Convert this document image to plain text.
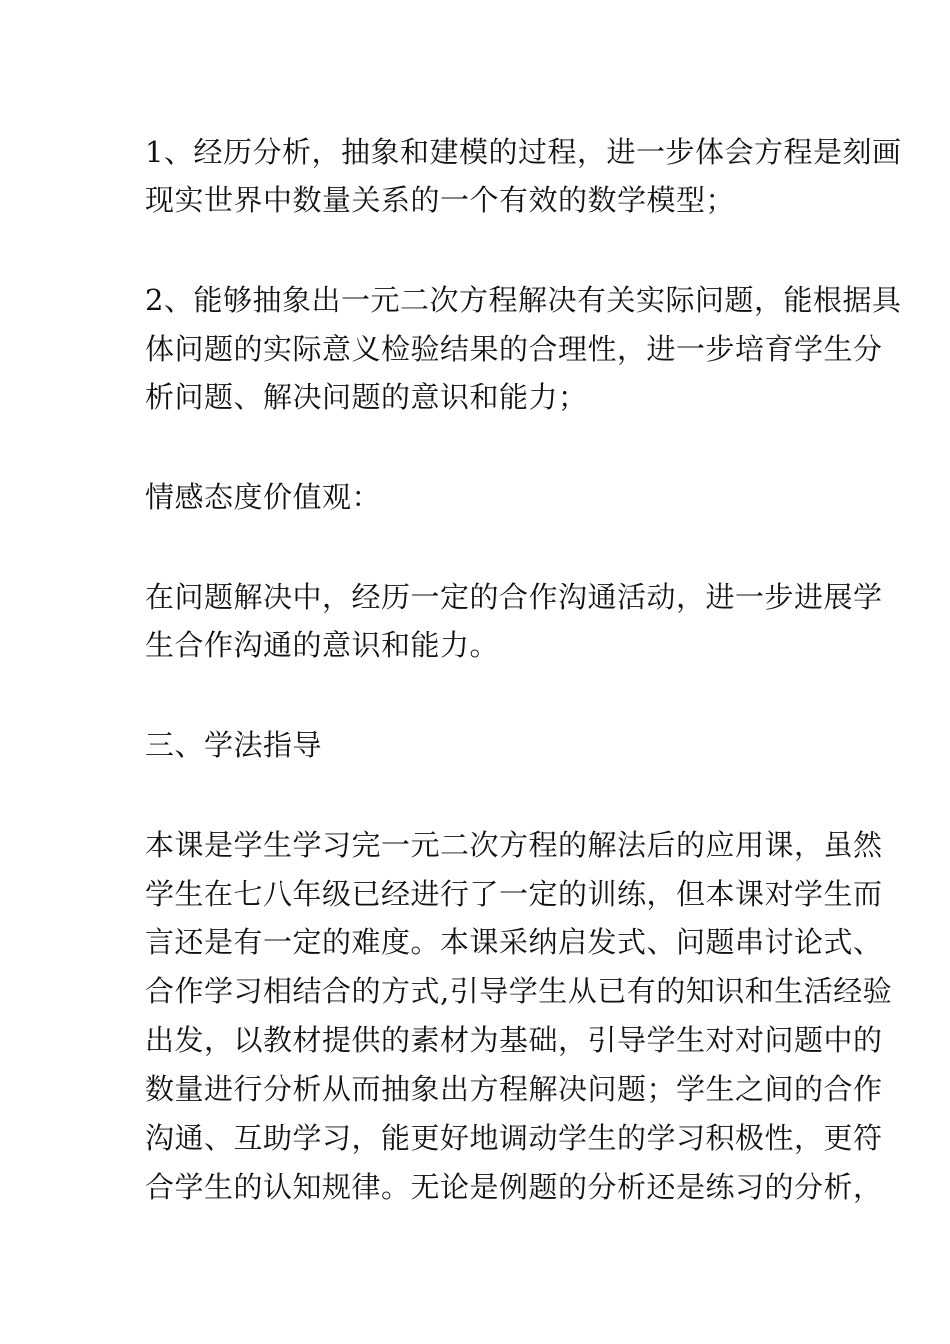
1、经历分析，抽象和建模的过程，进一步体会方程是刻画
现实世界中数量关系的一个有效的数学模型；
2、能够抽象出一元二次方程解决有关实际问题，能根据具
体问题的实际意义检验结果的合理性，进一步培育学生分
析问题、解决问题的意识和能力；
情感态度价值观：
在问题解决中，经历一定的合作沟通活动，进一步进展学
生合作沟通的意识和能力。
三、学法指导
本课是学生学习完一元二次方程的解法后的应用课，虽然
学生在七八年级已经进行了一定的训练，但本课对学生而
言还是有一定的难度。本课采纳启发式、问题串讨论式、
合作学习相结合的方式,引导学生从已有的知识和生活经验
出发，以教材提供的素材为基础，引导学生对对问题中的
数量进行分析从而抽象出方程解决问题；学生之间的合作
沟通、互助学习，能更好地调动学生的学习积极性，更符
合学生的认知规律。无论是例题的分析还是练习的分析，
